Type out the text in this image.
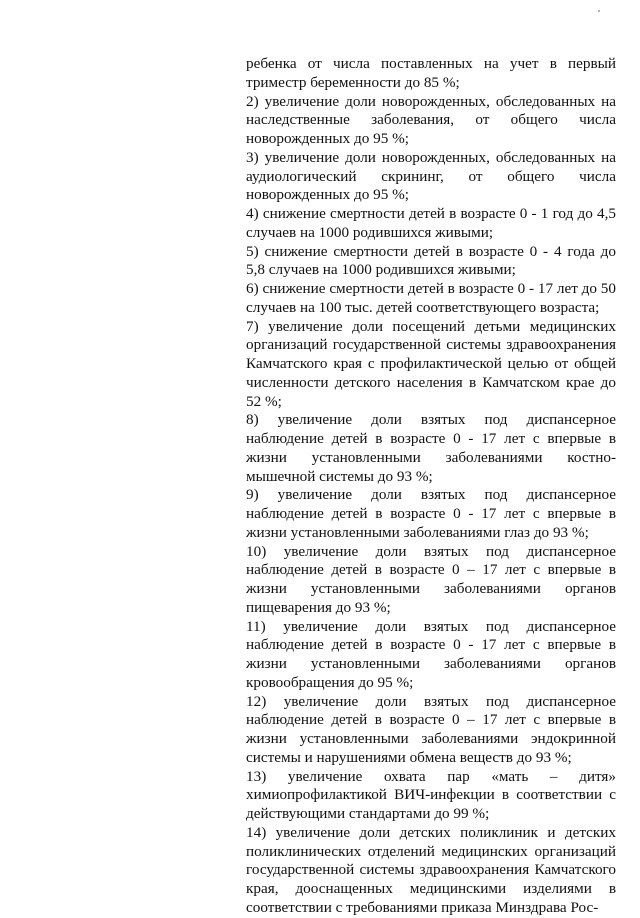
ребенка от числа поставленных на учет в первый триместр беременности до 85 %;

2) увеличение доли новорожденных, обследованных на наследственные заболевания, от общего числа новорожденных до 95 %;

3) увеличение доли новорожденных, обследованных на аудиологический скрининг, от общего числа новорожденных до 95 %;

4) снижение смертности детей в возрасте 0 - 1 год до 4,5 случаев на 1000 родившихся живыми;

5) снижение смертности детей в возрасте 0 - 4 года до 5,8 случаев на 1000 родившихся живыми;

6) снижение смертности детей в возрасте 0 - 17 лет до 50 случаев на 100 тыс. детей соответствующего возраста;

7) увеличение доли посещений детьми медицинских организаций государственной системы здравоохранения Камчатского края с профилактической целью от общей численности детского населения в Камчатском крае до 52 %;

8) увеличение доли взятых под диспансерное наблюдение детей в возрасте 0 - 17 лет с впервые в жизни установленными заболеваниями костно-мышечной системы до 93 %;

9) увеличение доли взятых под диспансерное наблюдение детей в возрасте 0 - 17 лет с впервые в жизни установленными заболеваниями глаз до 93 %;

10) увеличение доли взятых под диспансерное наблюдение детей в возрасте 0 – 17 лет с впервые в жизни установленными заболеваниями органов пищеварения до 93 %;

11) увеличение доли взятых под диспансерное наблюдение детей в возрасте 0 - 17 лет с впервые в жизни установленными заболеваниями органов кровообращения до 95 %;

12) увеличение доли взятых под диспансерное наблюдение детей в возрасте 0 – 17 лет с впервые в жизни установленными заболеваниями эндокринной системы и нарушениями обмена веществ до 93 %;

13) увеличение охвата пар «мать – дитя» химиопрофилактикой ВИЧ-инфекции в соответствии с действующими стандартами до 99 %;

14) увеличение доли детских поликлиник и детских поликлинических отделений медицинских организаций государственной системы здравоохранения Камчатского края, дооснащенных медицинскими изделиями в соответствии с требованиями приказа Минздрава Рос-
